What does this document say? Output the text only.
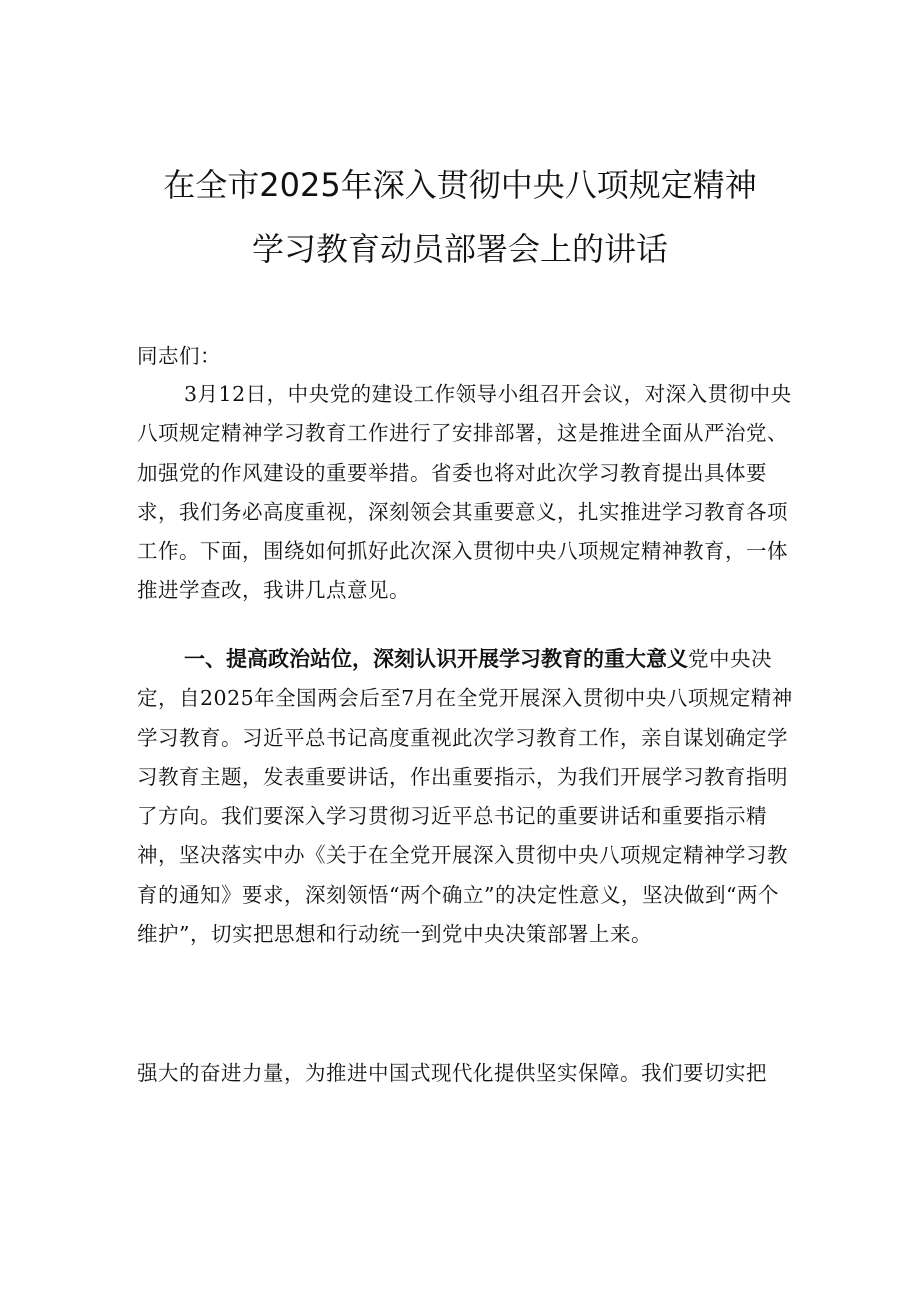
在全市2025年深入贯彻中央八项规定精神
学习教育动员部署会上的讲话

同志们：

3月12日，中央党的建设工作领导小组召开会议，对深入贯彻中央八项规定精神学习教育工作进行了安排部署，这是推进全面从严治党、加强党的作风建设的重要举措。省委也将对此次学习教育提出具体要求，我们务必高度重视，深刻领会其重要意义，扎实推进学习教育各项工作。下面，围绕如何抓好此次深入贯彻中央八项规定精神教育，一体推进学查改，我讲几点意见。

一、提高政治站位，深刻认识开展学习教育的重大意义党中央决定，自2025年全国两会后至7月在全党开展深入贯彻中央八项规定精神学习教育。习近平总书记高度重视此次学习教育工作，亲自谋划确定学习教育主题，发表重要讲话，作出重要指示，为我们开展学习教育指明了方向。我们要深入学习贯彻习近平总书记的重要讲话和重要指示精神，坚决落实中办《关于在全党开展深入贯彻中央八项规定精神学习教育的通知》要求，深刻领悟“两个确立”的决定性意义，坚决做到“两个维护”，切实把思想和行动统一到党中央决策部署上来。

强大的奋进力量，为推进中国式现代化提供坚实保障。我们要切实把
